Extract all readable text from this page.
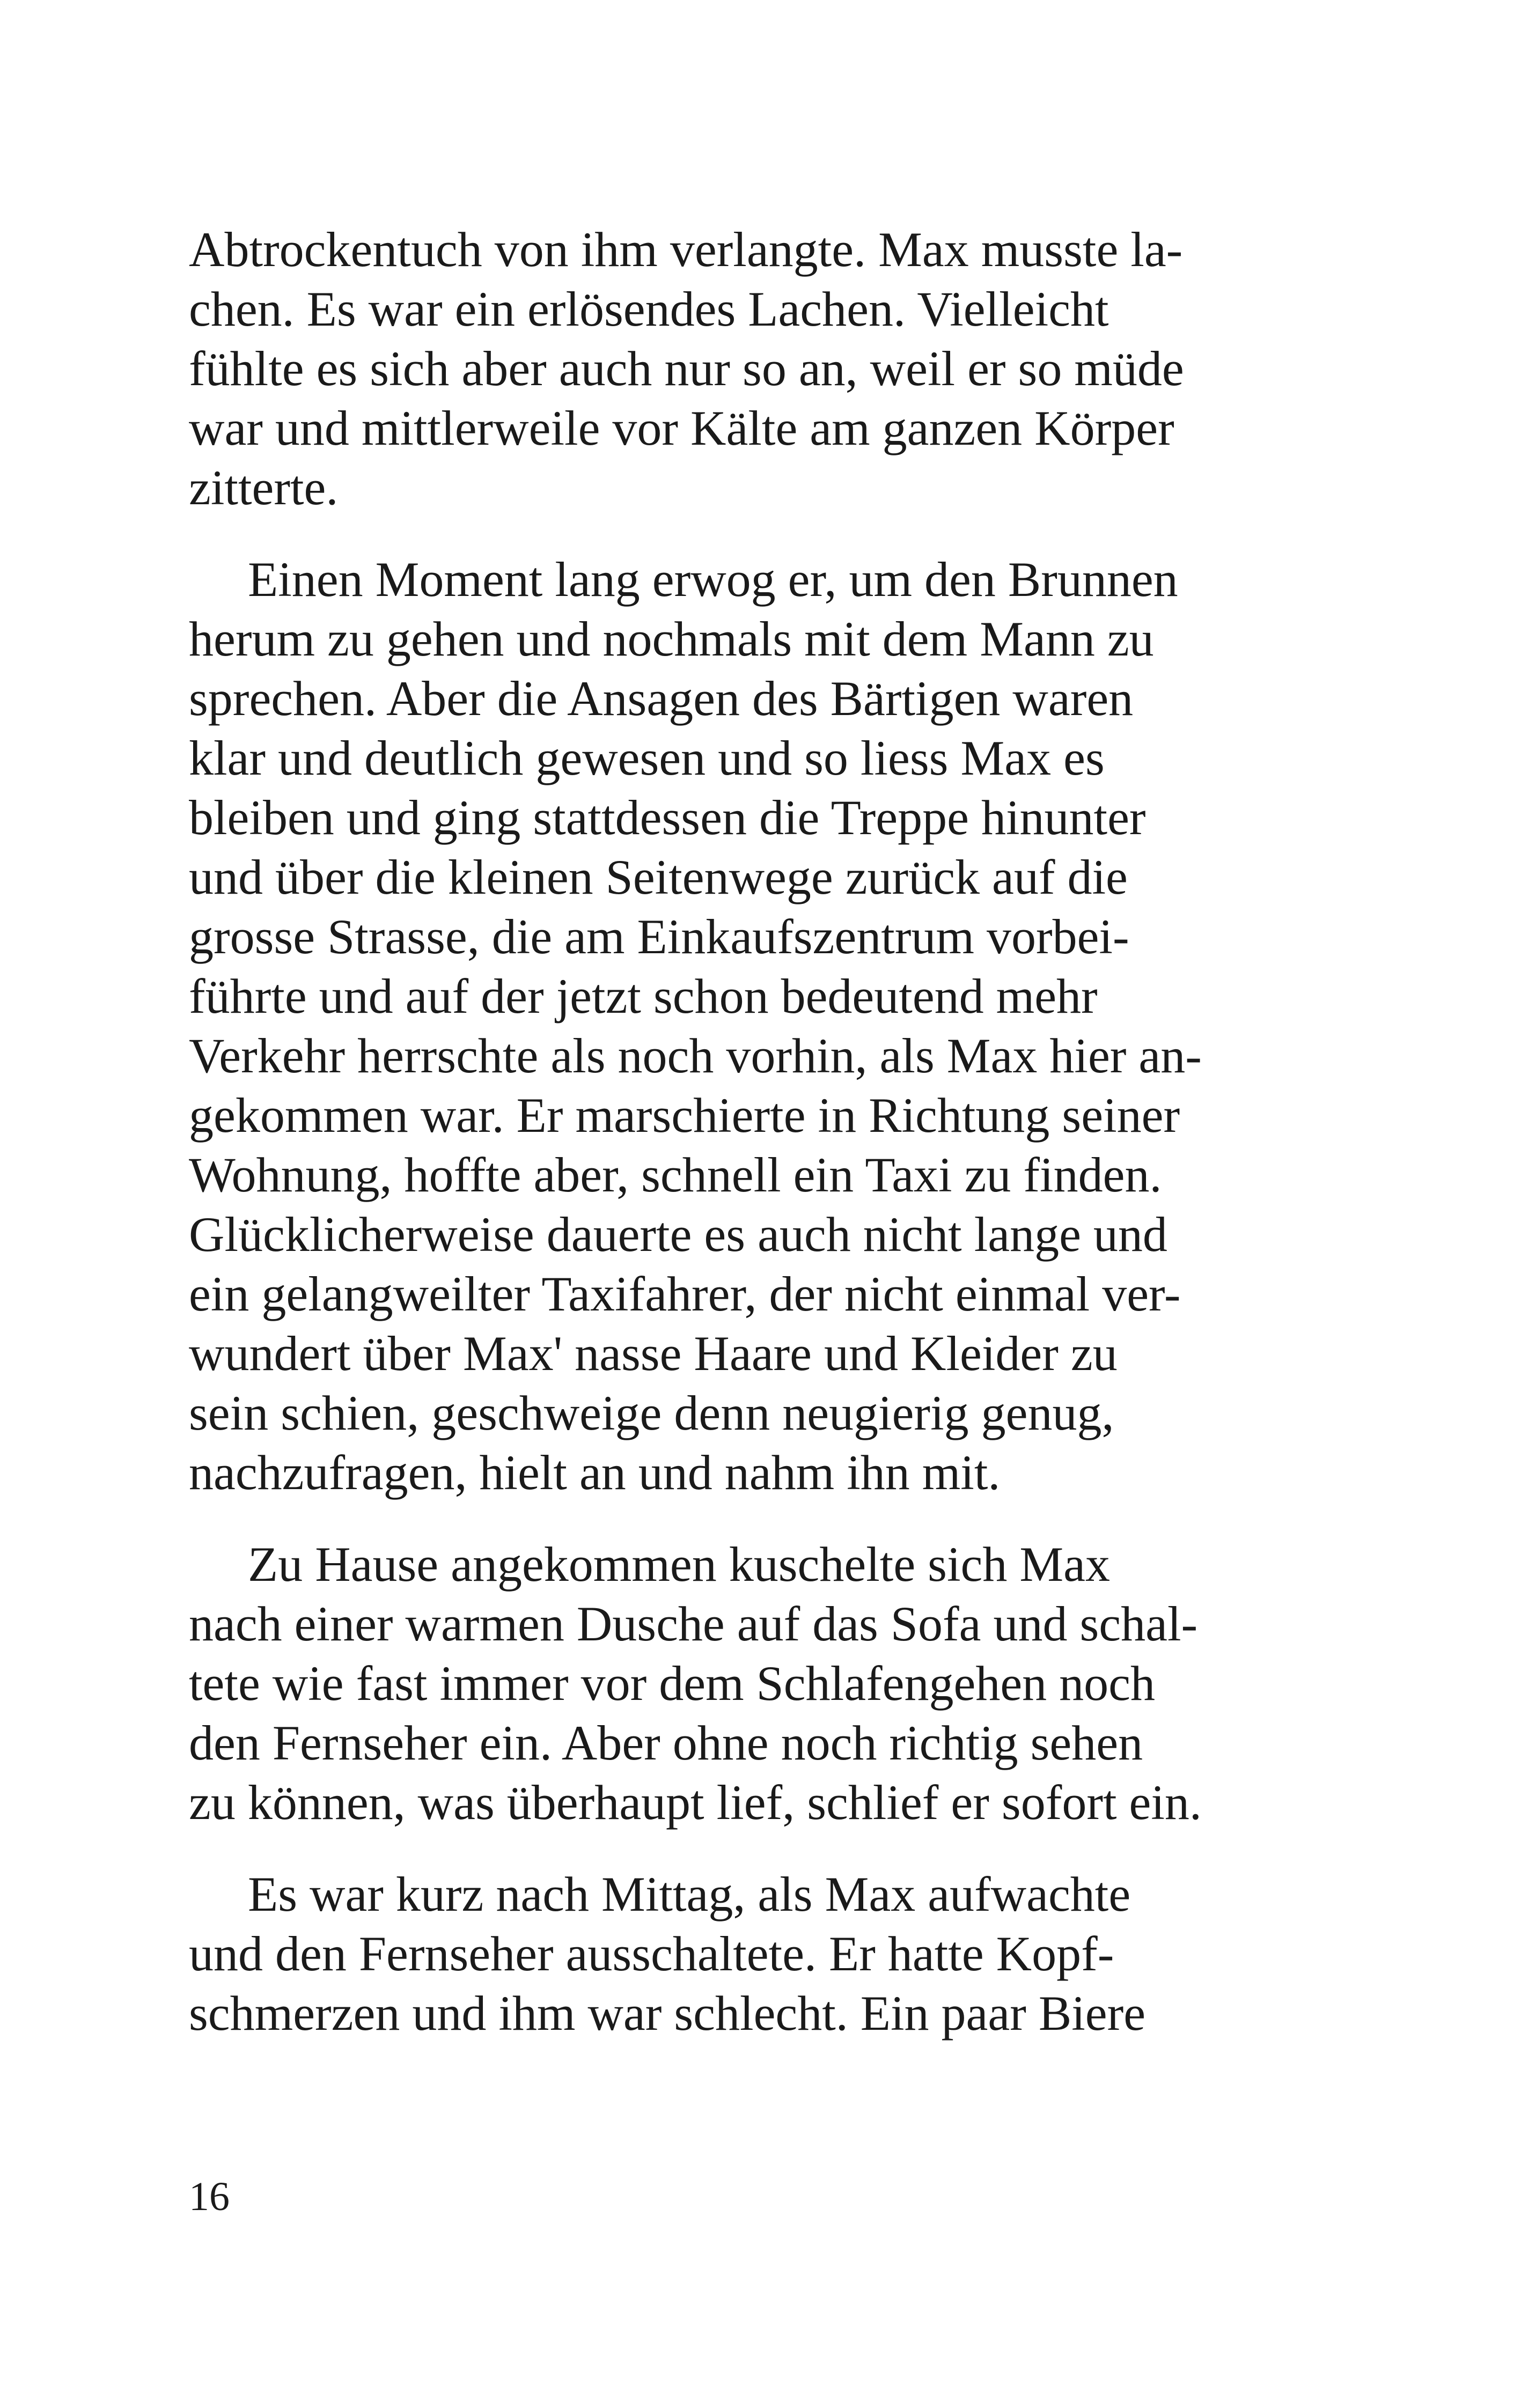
Abtrockentuch von ihm verlangte. Max musste la-
chen. Es war ein erlösendes Lachen. Vielleicht
fühlte es sich aber auch nur so an, weil er so müde
war und mittlerweile vor Kälte am ganzen Körper
zitterte.
Einen Moment lang erwog er, um den Brunnen
herum zu gehen und nochmals mit dem Mann zu
sprechen. Aber die Ansagen des Bärtigen waren
klar und deutlich gewesen und so liess Max es
bleiben und ging stattdessen die Treppe hinunter
und über die kleinen Seitenwege zurück auf die
grosse Strasse, die am Einkaufszentrum vorbei-
führte und auf der jetzt schon bedeutend mehr
Verkehr herrschte als noch vorhin, als Max hier an-
gekommen war. Er marschierte in Richtung seiner
Wohnung, hoffte aber, schnell ein Taxi zu finden.
Glücklicherweise dauerte es auch nicht lange und
ein gelangweilter Taxifahrer, der nicht einmal ver-
wundert über Max' nasse Haare und Kleider zu
sein schien, geschweige denn neugierig genug,
nachzufragen, hielt an und nahm ihn mit.
Zu Hause angekommen kuschelte sich Max
nach einer warmen Dusche auf das Sofa und schal-
tete wie fast immer vor dem Schlafengehen noch
den Fernseher ein. Aber ohne noch richtig sehen
zu können, was überhaupt lief, schlief er sofort ein.
Es war kurz nach Mittag, als Max aufwachte
und den Fernseher ausschaltete. Er hatte Kopf-
schmerzen und ihm war schlecht. Ein paar Biere
16
